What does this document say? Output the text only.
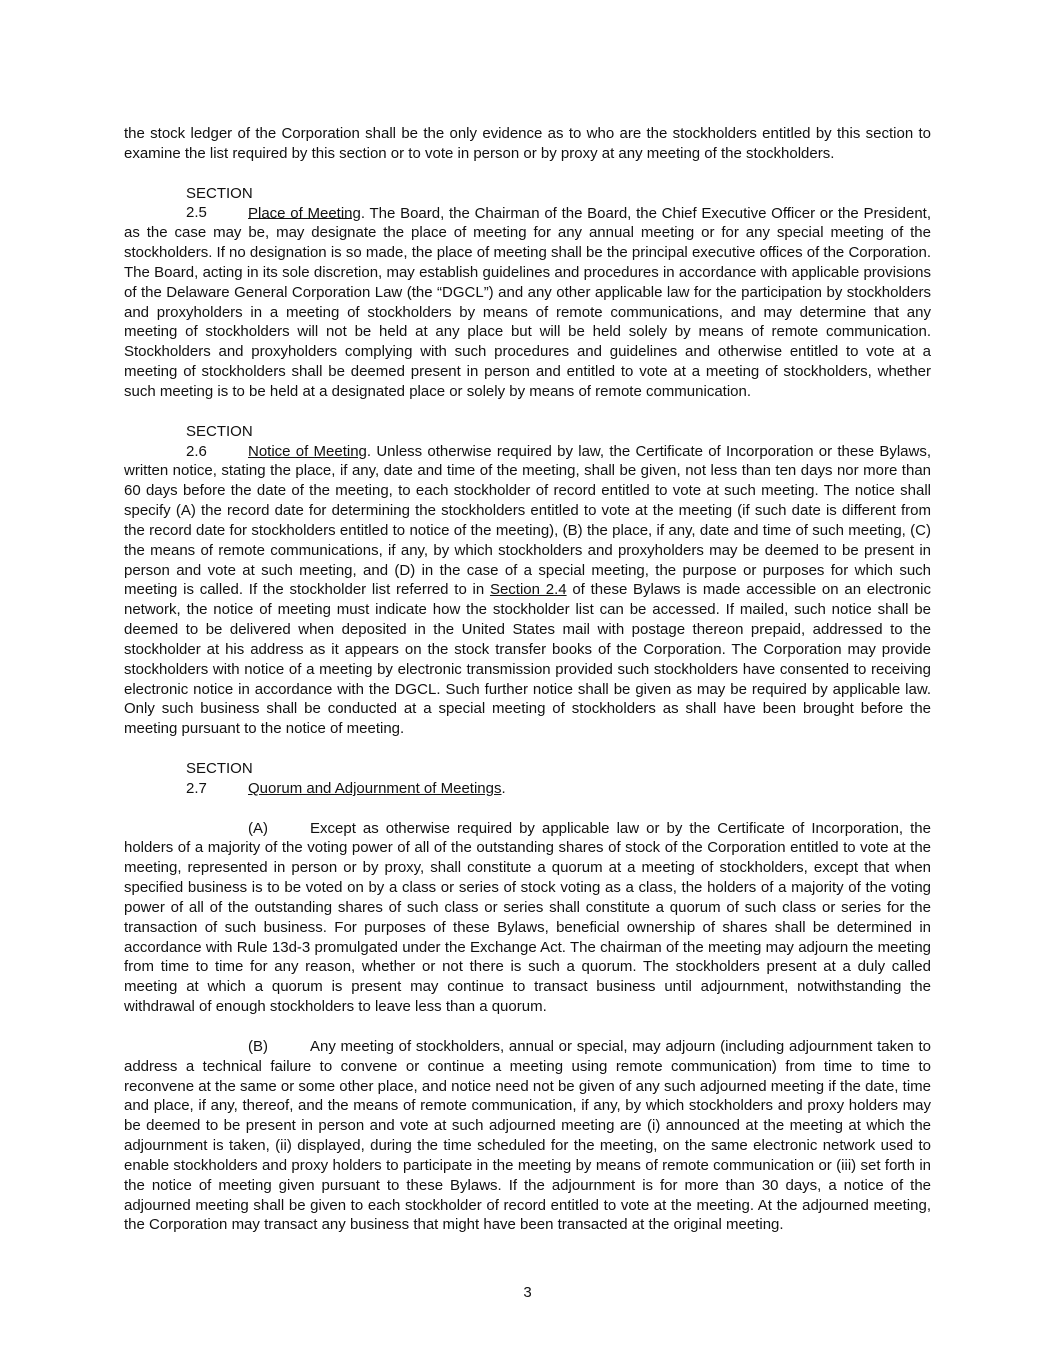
the stock ledger of the Corporation shall be the only evidence as to who are the stockholders entitled by this section to examine the list required by this section or to vote in person or by proxy at any meeting of the stockholders.

SECTION 2.5	Place of Meeting. The Board, the Chairman of the Board, the Chief Executive Officer or the President, as the case may be, may designate the place of meeting for any annual meeting or for any special meeting of the stockholders. If no designation is so made, the place of meeting shall be the principal executive offices of the Corporation. The Board, acting in its sole discretion, may establish guidelines and procedures in accordance with applicable provisions of the Delaware General Corporation Law (the “DGCL”) and any other applicable law for the participation by stockholders and proxyholders in a meeting of stockholders by means of remote communications, and may determine that any meeting of stockholders will not be held at any place but will be held solely by means of remote communication. Stockholders and proxyholders complying with such procedures and guidelines and otherwise entitled to vote at a meeting of stockholders shall be deemed present in person and entitled to vote at a meeting of stockholders, whether such meeting is to be held at a designated place or solely by means of remote communication.

SECTION 2.6	Notice of Meeting. Unless otherwise required by law, the Certificate of Incorporation or these Bylaws, written notice, stating the place, if any, date and time of the meeting, shall be given, not less than ten days nor more than 60 days before the date of the meeting, to each stockholder of record entitled to vote at such meeting. The notice shall specify (A) the record date for determining the stockholders entitled to vote at the meeting (if such date is different from the record date for stockholders entitled to notice of the meeting), (B) the place, if any, date and time of such meeting, (C) the means of remote communications, if any, by which stockholders and proxyholders may be deemed to be present in person and vote at such meeting, and (D) in the case of a special meeting, the purpose or purposes for which such meeting is called. If the stockholder list referred to in Section 2.4 of these Bylaws is made accessible on an electronic network, the notice of meeting must indicate how the stockholder list can be accessed. If mailed, such notice shall be deemed to be delivered when deposited in the United States mail with postage thereon prepaid, addressed to the stockholder at his address as it appears on the stock transfer books of the Corporation. The Corporation may provide stockholders with notice of a meeting by electronic transmission provided such stockholders have consented to receiving electronic notice in accordance with the DGCL. Such further notice shall be given as may be required by applicable law. Only such business shall be conducted at a special meeting of stockholders as shall have been brought before the meeting pursuant to the notice of meeting.

SECTION 2.7	Quorum and Adjournment of Meetings.

(A)	Except as otherwise required by applicable law or by the Certificate of Incorporation, the holders of a majority of the voting power of all of the outstanding shares of stock of the Corporation entitled to vote at the meeting, represented in person or by proxy, shall constitute a quorum at a meeting of stockholders, except that when specified business is to be voted on by a class or series of stock voting as a class, the holders of a majority of the voting power of all of the outstanding shares of such class or series shall constitute a quorum of such class or series for the transaction of such business. For purposes of these Bylaws, beneficial ownership of shares shall be determined in accordance with Rule 13d-3 promulgated under the Exchange Act. The chairman of the meeting may adjourn the meeting from time to time for any reason, whether or not there is such a quorum. The stockholders present at a duly called meeting at which a quorum is present may continue to transact business until adjournment, notwithstanding the withdrawal of enough stockholders to leave less than a quorum.

(B)	Any meeting of stockholders, annual or special, may adjourn (including adjournment taken to address a technical failure to convene or continue a meeting using remote communication) from time to time to reconvene at the same or some other place, and notice need not be given of any such adjourned meeting if the date, time and place, if any, thereof, and the means of remote communication, if any, by which stockholders and proxy holders may be deemed to be present in person and vote at such adjourned meeting are (i) announced at the meeting at which the adjournment is taken, (ii) displayed, during the time scheduled for the meeting, on the same electronic network used to enable stockholders and proxy holders to participate in the meeting by means of remote communication or (iii) set forth in the notice of meeting given pursuant to these Bylaws. If the adjournment is for more than 30 days, a notice of the adjourned meeting shall be given to each stockholder of record entitled to vote at the meeting. At the adjourned meeting, the Corporation may transact any business that might have been transacted at the original meeting.

3
